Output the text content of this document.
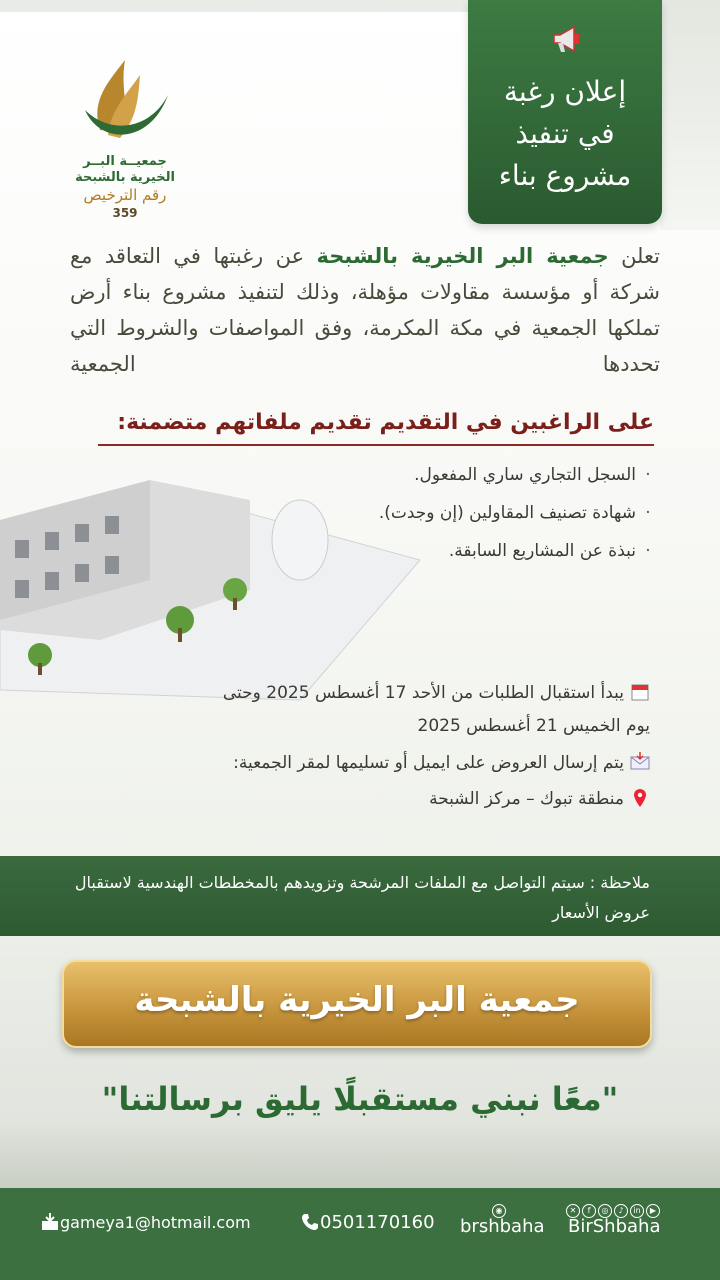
إعلان رغبة
في تنفيذ
مشروع بناء
جمعيــة البــر
الخيرية بالشبحة
رقم الترخيص
359
تعلن جمعية البر الخيرية بالشبحة عن رغبتها في التعاقد مع شركة أو مؤسسة مقاولات مؤهلة، وذلك لتنفيذ مشروع بناء أرض تملكها الجمعية في مكة المكرمة، وفق المواصفات والشروط التي تحددها الجمعية
على الراغبين في التقديم تقديم ملفاتهم متضمنة:
· السجل التجاري ساري المفعول.
· شهادة تصنيف المقاولين (إن وجدت).
· نبذة عن المشاريع السابقة.
يبدأ استقبال الطلبات من الأحد 17 أغسطس 2025 وحتى
يوم الخميس 21 أغسطس 2025
يتم إرسال العروض على ايميل أو تسليمها لمقر الجمعية:
منطقة تبوك – مركز الشبحة
ملاحظة : سيتم التواصل مع الملفات المرشحة وتزويدهم بالمخططات الهندسية لاستقبال عروض الأسعار
جمعية البر الخيرية بالشبحة
"معًا نبني مستقبلًا يليق برسالتنا"
gameya1@hotmail.com	0501170160
◉
brshbaha
✕ f ◎ ♪ in ▶
BirShbaha
